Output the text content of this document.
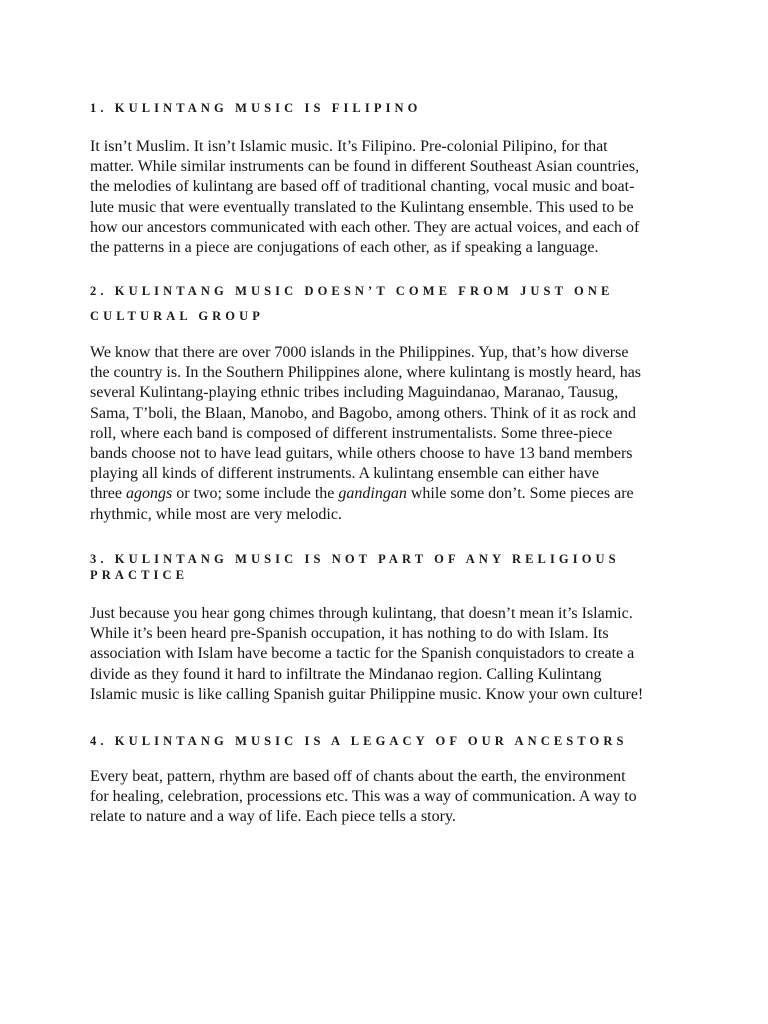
1. KULINTANG MUSIC IS FILIPINO

It isn’t Muslim. It isn’t Islamic music. It’s Filipino. Pre-colonial Pilipino, for that
matter. While similar instruments can be found in different Southeast Asian countries,
the melodies of kulintang are based off of traditional chanting, vocal music and boat-
lute music that were eventually translated to the Kulintang ensemble. This used to be
how our ancestors communicated with each other. They are actual voices, and each of
the patterns in a piece are conjugations of each other, as if speaking a language.

2. KULINTANG MUSIC DOESN’T COME FROM JUST ONE
CULTURAL GROUP

We know that there are over 7000 islands in the Philippines. Yup, that’s how diverse
the country is. In the Southern Philippines alone, where kulintang is mostly heard, has
several Kulintang-playing ethnic tribes including Maguindanao, Maranao, Tausug,
Sama, T’boli, the Blaan, Manobo, and Bagobo, among others. Think of it as rock and
roll, where each band is composed of different instrumentalists. Some three-piece
bands choose not to have lead guitars, while others choose to have 13 band members
playing all kinds of different instruments. A kulintang ensemble can either have
three agongs or two; some include the gandingan while some don’t. Some pieces are
rhythmic, while most are very melodic.

3. KULINTANG MUSIC IS NOT PART OF ANY RELIGIOUS
PRACTICE

Just because you hear gong chimes through kulintang, that doesn’t mean it’s Islamic.
While it’s been heard pre-Spanish occupation, it has nothing to do with Islam. Its
association with Islam have become a tactic for the Spanish conquistadors to create a
divide as they found it hard to infiltrate the Mindanao region. Calling Kulintang
Islamic music is like calling Spanish guitar Philippine music. Know your own culture!

4. KULINTANG MUSIC IS A LEGACY OF OUR ANCESTORS

Every beat, pattern, rhythm are based off of chants about the earth, the environment
for healing, celebration, processions etc. This was a way of communication. A way to
relate to nature and a way of life. Each piece tells a story.
